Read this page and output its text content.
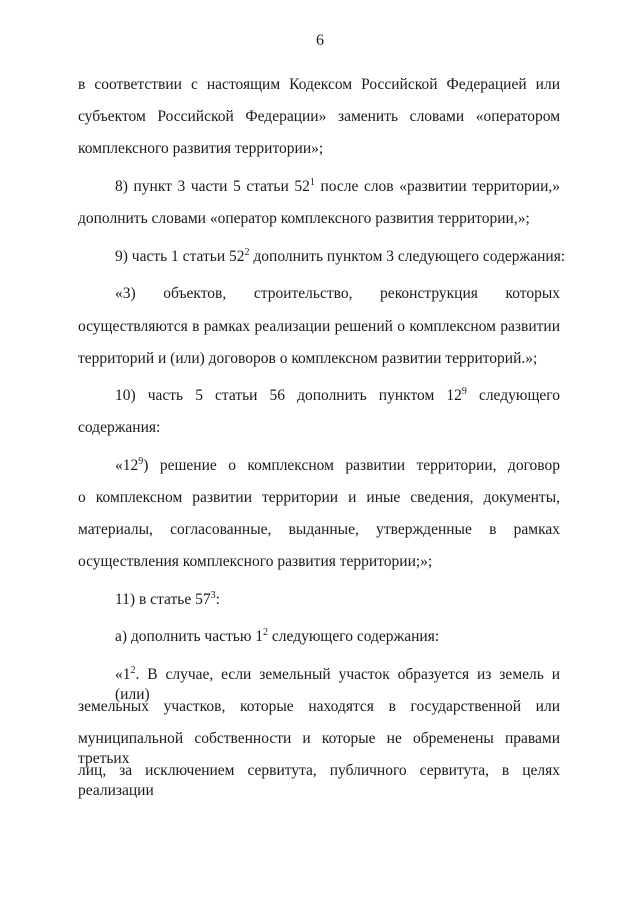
6
в соответствии с настоящим Кодексом Российской Федерацией или
субъектом Российской Федерации» заменить словами «оператором
комплексного развития территории»;
8) пункт 3 части 5 статьи $52^1$ после слов «развитии территории,»
дополнить словами «оператор комплексного развития территории,»;
9) часть 1 статьи $52^2$ дополнить пунктом 3 следующего содержания:
«3) объектов, строительство, реконструкция которых
осуществляются в рамках реализации решений о комплексном развитии
территорий и (или) договоров о комплексном развитии территорий.»;
10) часть 5 статьи 56 дополнить пунктом $12^9$ следующего
содержания:
«$12^9$) решение о комплексном развитии территории, договор
о комплексном развитии территории и иные сведения, документы,
материалы, согласованные, выданные, утвержденные в рамках
осуществления комплексного развития территории;»;
11) в статье $57^3$:
а) дополнить частью $1^2$ следующего содержания:
«$1^2$. В случае, если земельный участок образуется из земель и (или)
земельных участков, которые находятся в государственной или
муниципальной собственности и которые не обременены правами третьих
лиц, за исключением сервитута, публичного сервитута, в целях реализации
